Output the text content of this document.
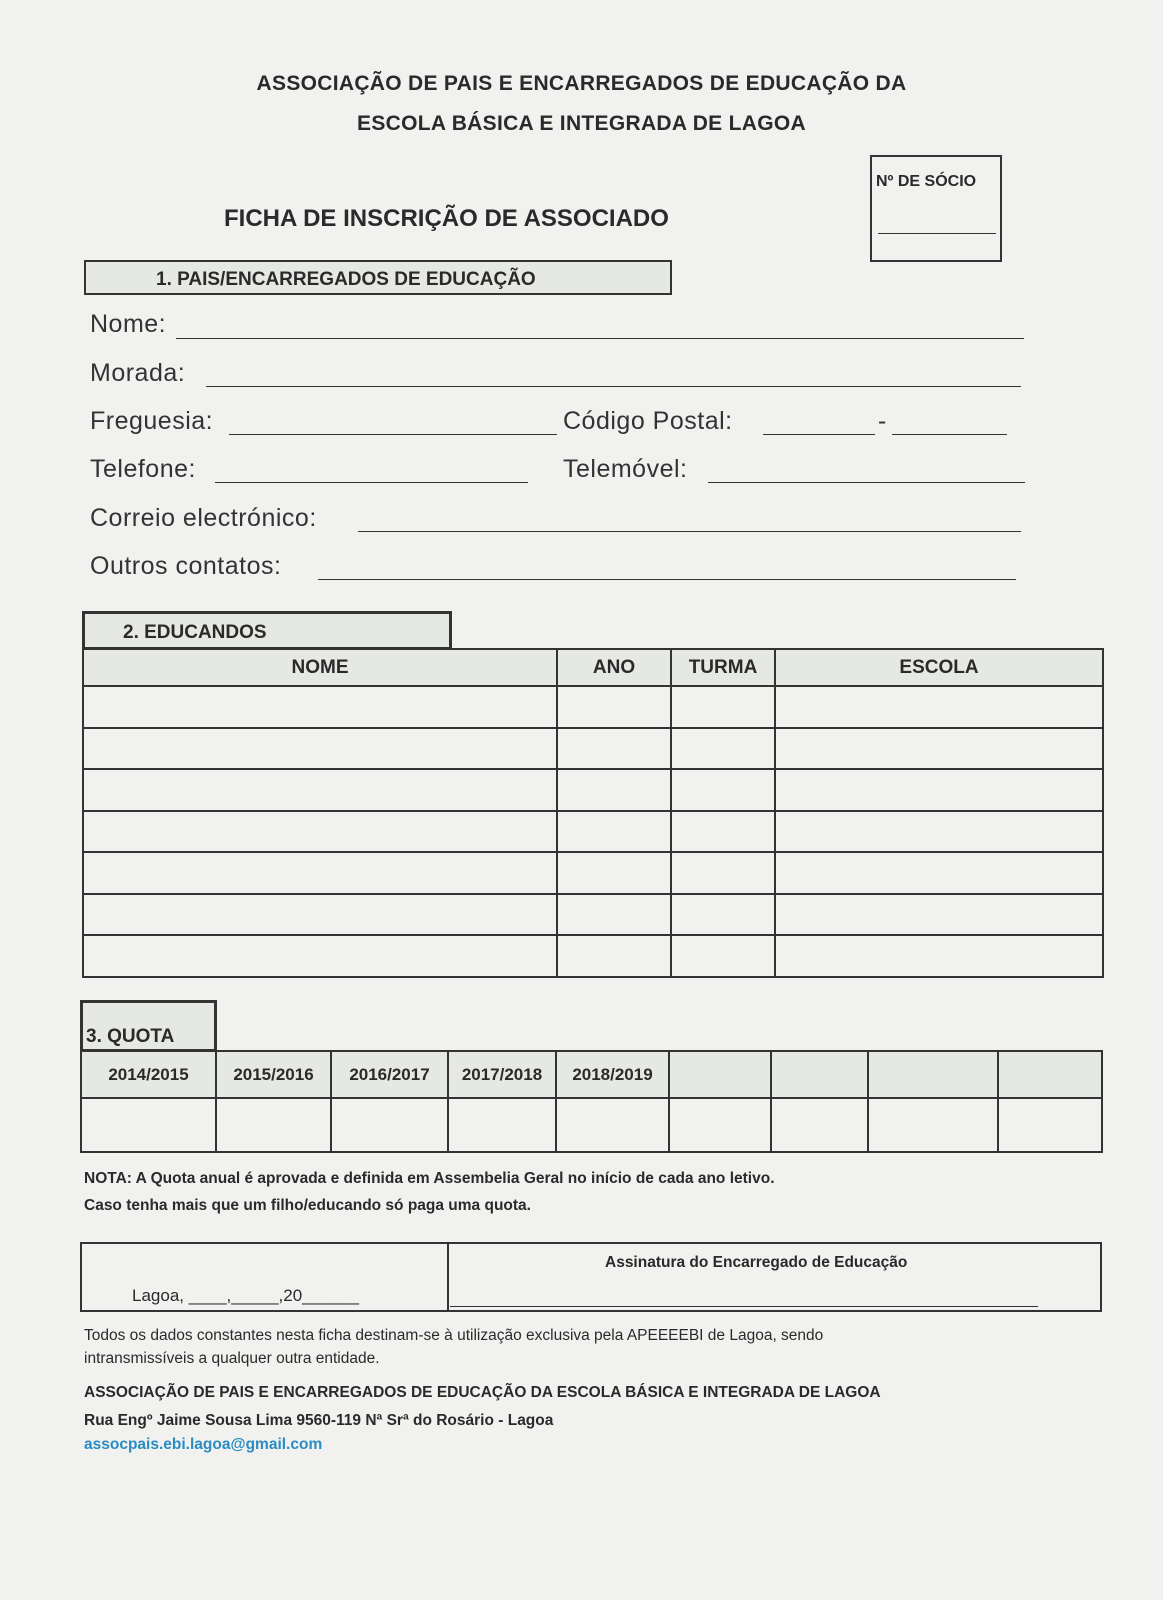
ASSOCIAÇÃO DE PAIS E ENCARREGADOS DE EDUCAÇÃO DA
ESCOLA BÁSICA E INTEGRADA DE LAGOA
Nº DE SÓCIO
FICHA DE INSCRIÇÃO DE ASSOCIADO
1. PAIS/ENCARREGADOS DE EDUCAÇÃO
Nome:
Morada:
Freguesia:	Código Postal:	-
Telefone:	Telemóvel:
Correio electrónico:
Outros contatos:
2. EDUCANDOS
NOME	ANO	TURMA	ESCOLA

3. QUOTA
2014/2015	2015/2016	2016/2017	2017/2018	2018/2019				

NOTA: A Quota anual é aprovada e definida em Assembelia Geral no início de cada ano letivo.
Caso tenha mais que um filho/educando só paga uma quota.
Lagoa, ____,_____,20______
Assinatura do Encarregado de Educação
Todos os dados constantes nesta ficha destinam-se à utilização exclusiva pela APEEEEBI de Lagoa, sendo
intransmissíveis a qualquer outra entidade.
ASSOCIAÇÃO DE PAIS E ENCARREGADOS DE EDUCAÇÃO DA ESCOLA BÁSICA E INTEGRADA DE LAGOA
Rua Engº Jaime Sousa Lima 9560-119 Nª Srª do Rosário - Lagoa
assocpais.ebi.lagoa@gmail.com
